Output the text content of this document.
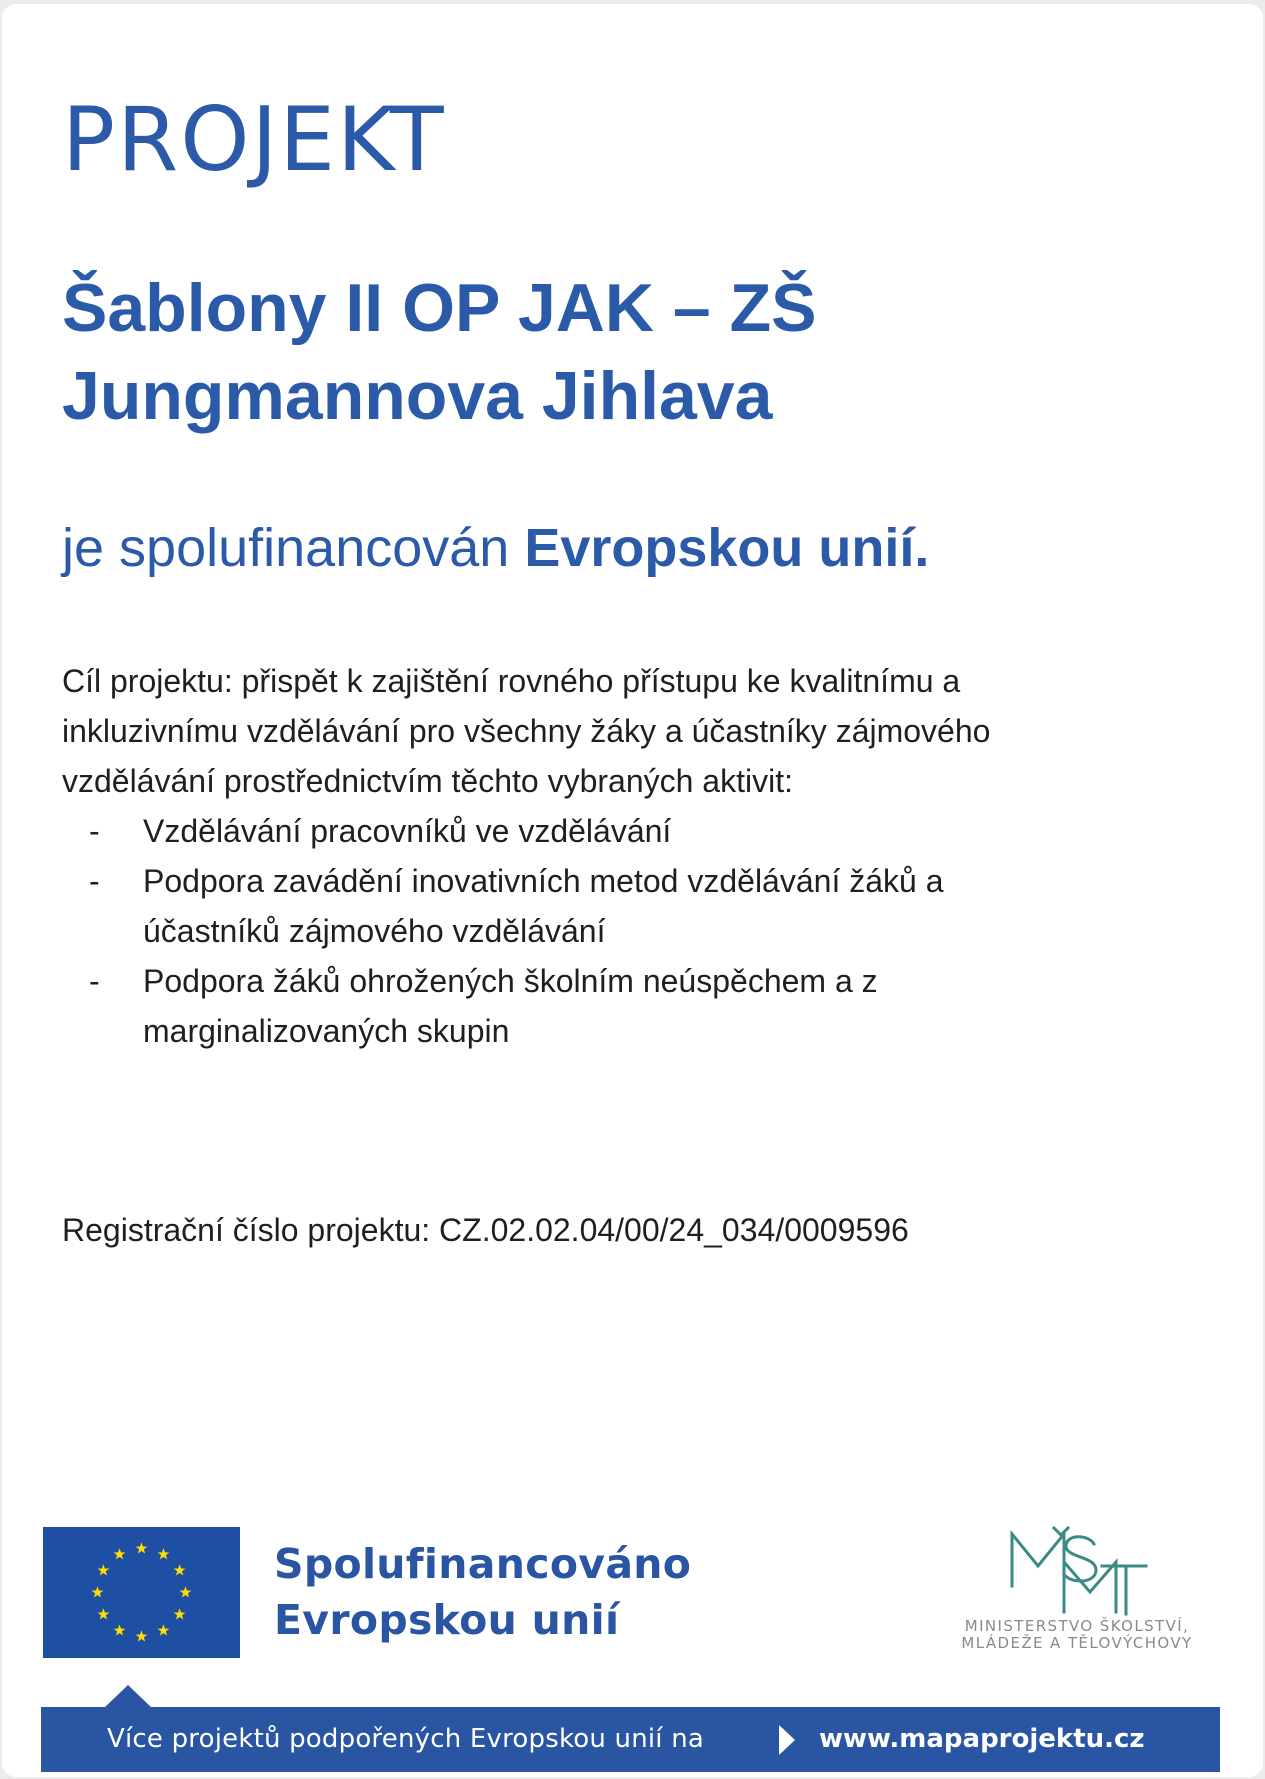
PROJEKT
Šablony II OP JAK – ZŠ
Jungmannova Jihlava

je spolufinancován Evropskou unií.

Cíl projektu: přispět k zajištění rovného přístupu ke kvalitnímu a
inkluzivnímu vzdělávání pro všechny žáky a účastníky zájmového
vzdělávání prostřednictvím těchto vybraných aktivit:

- Vzdělávání pracovníků ve vzdělávání
- Podpora zavádění inovativních metod vzdělávání žáků a
účastníků zájmového vzdělávání
- Podpora žáků ohrožených školním neúspěchem a z
marginalizovaných skupin

Registrační číslo projektu: CZ.02.02.04/00/24_034/0009596

Spolufinancováno
Evropskou unií	MINISTERSTVO ŠKOLSTVÍ,
MLÁDEŽE A TĚLOVÝCHOVY
Více projektů podpořených Evropskou unií na	www.mapaprojektu.cz
